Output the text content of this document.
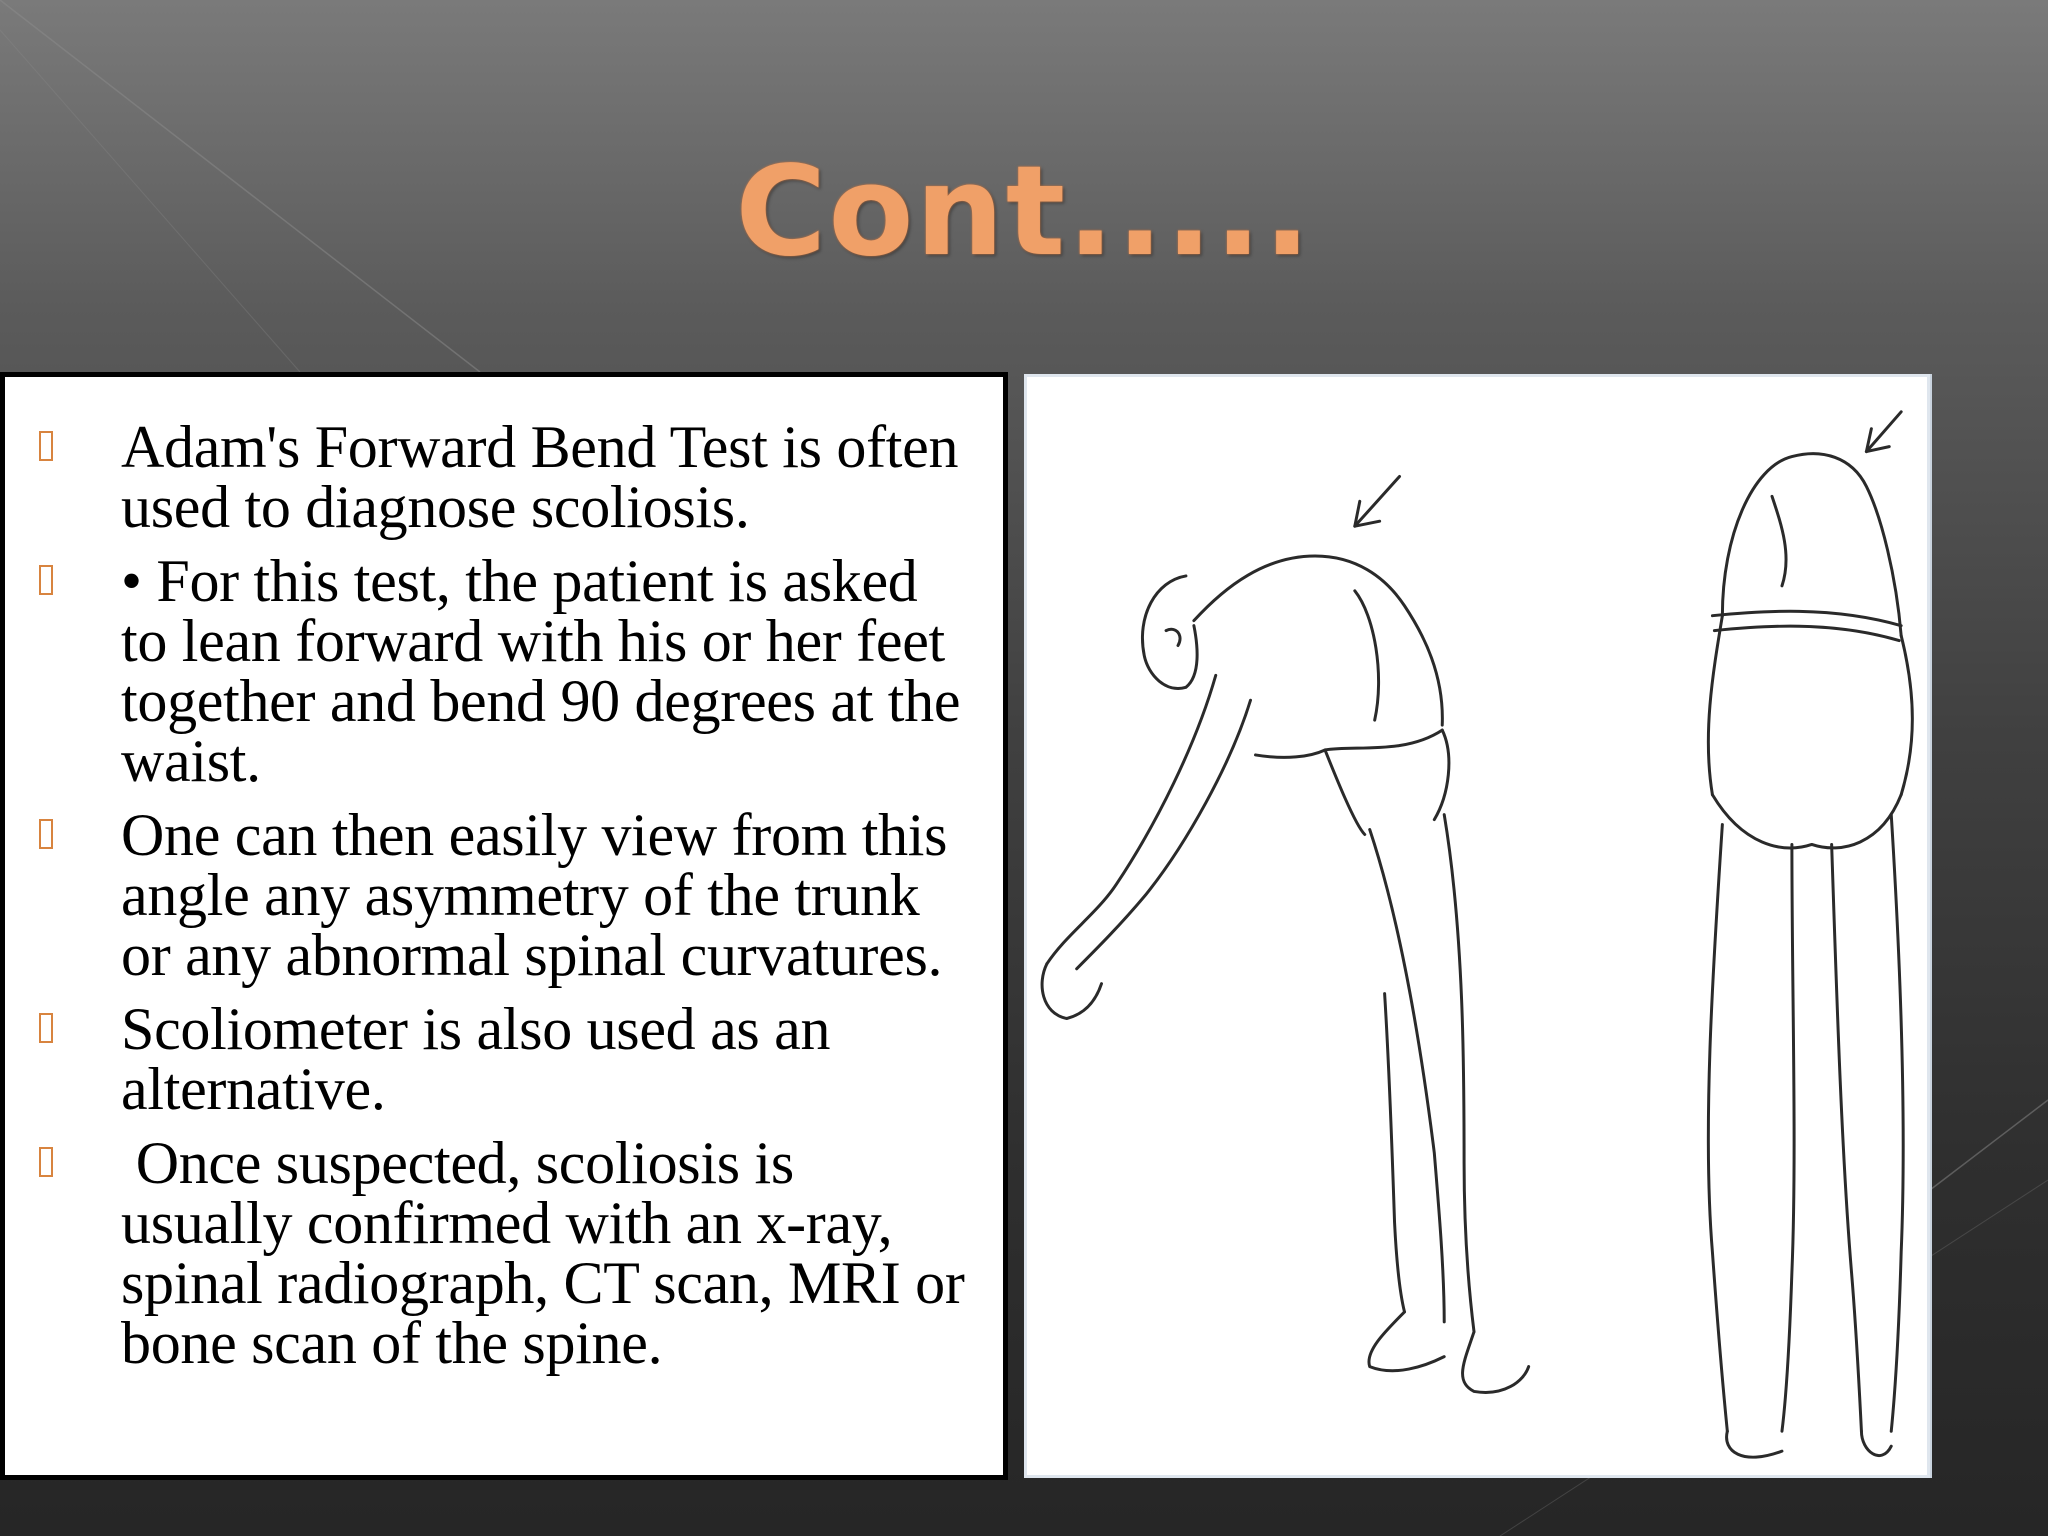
Cont.....
Adam's Forward Bend Test is often used to diagnose scoliosis.
• For this test, the patient is asked to lean forward with his or her feet together and bend 90 degrees at the waist.
One can then easily view from this angle any asymmetry of the trunk or any abnormal spinal curvatures.
Scoliometer is also used as an alternative.
Once suspected, scoliosis is usually confirmed with an x-ray, spinal radiograph, CT scan, MRI or bone scan of the spine.
